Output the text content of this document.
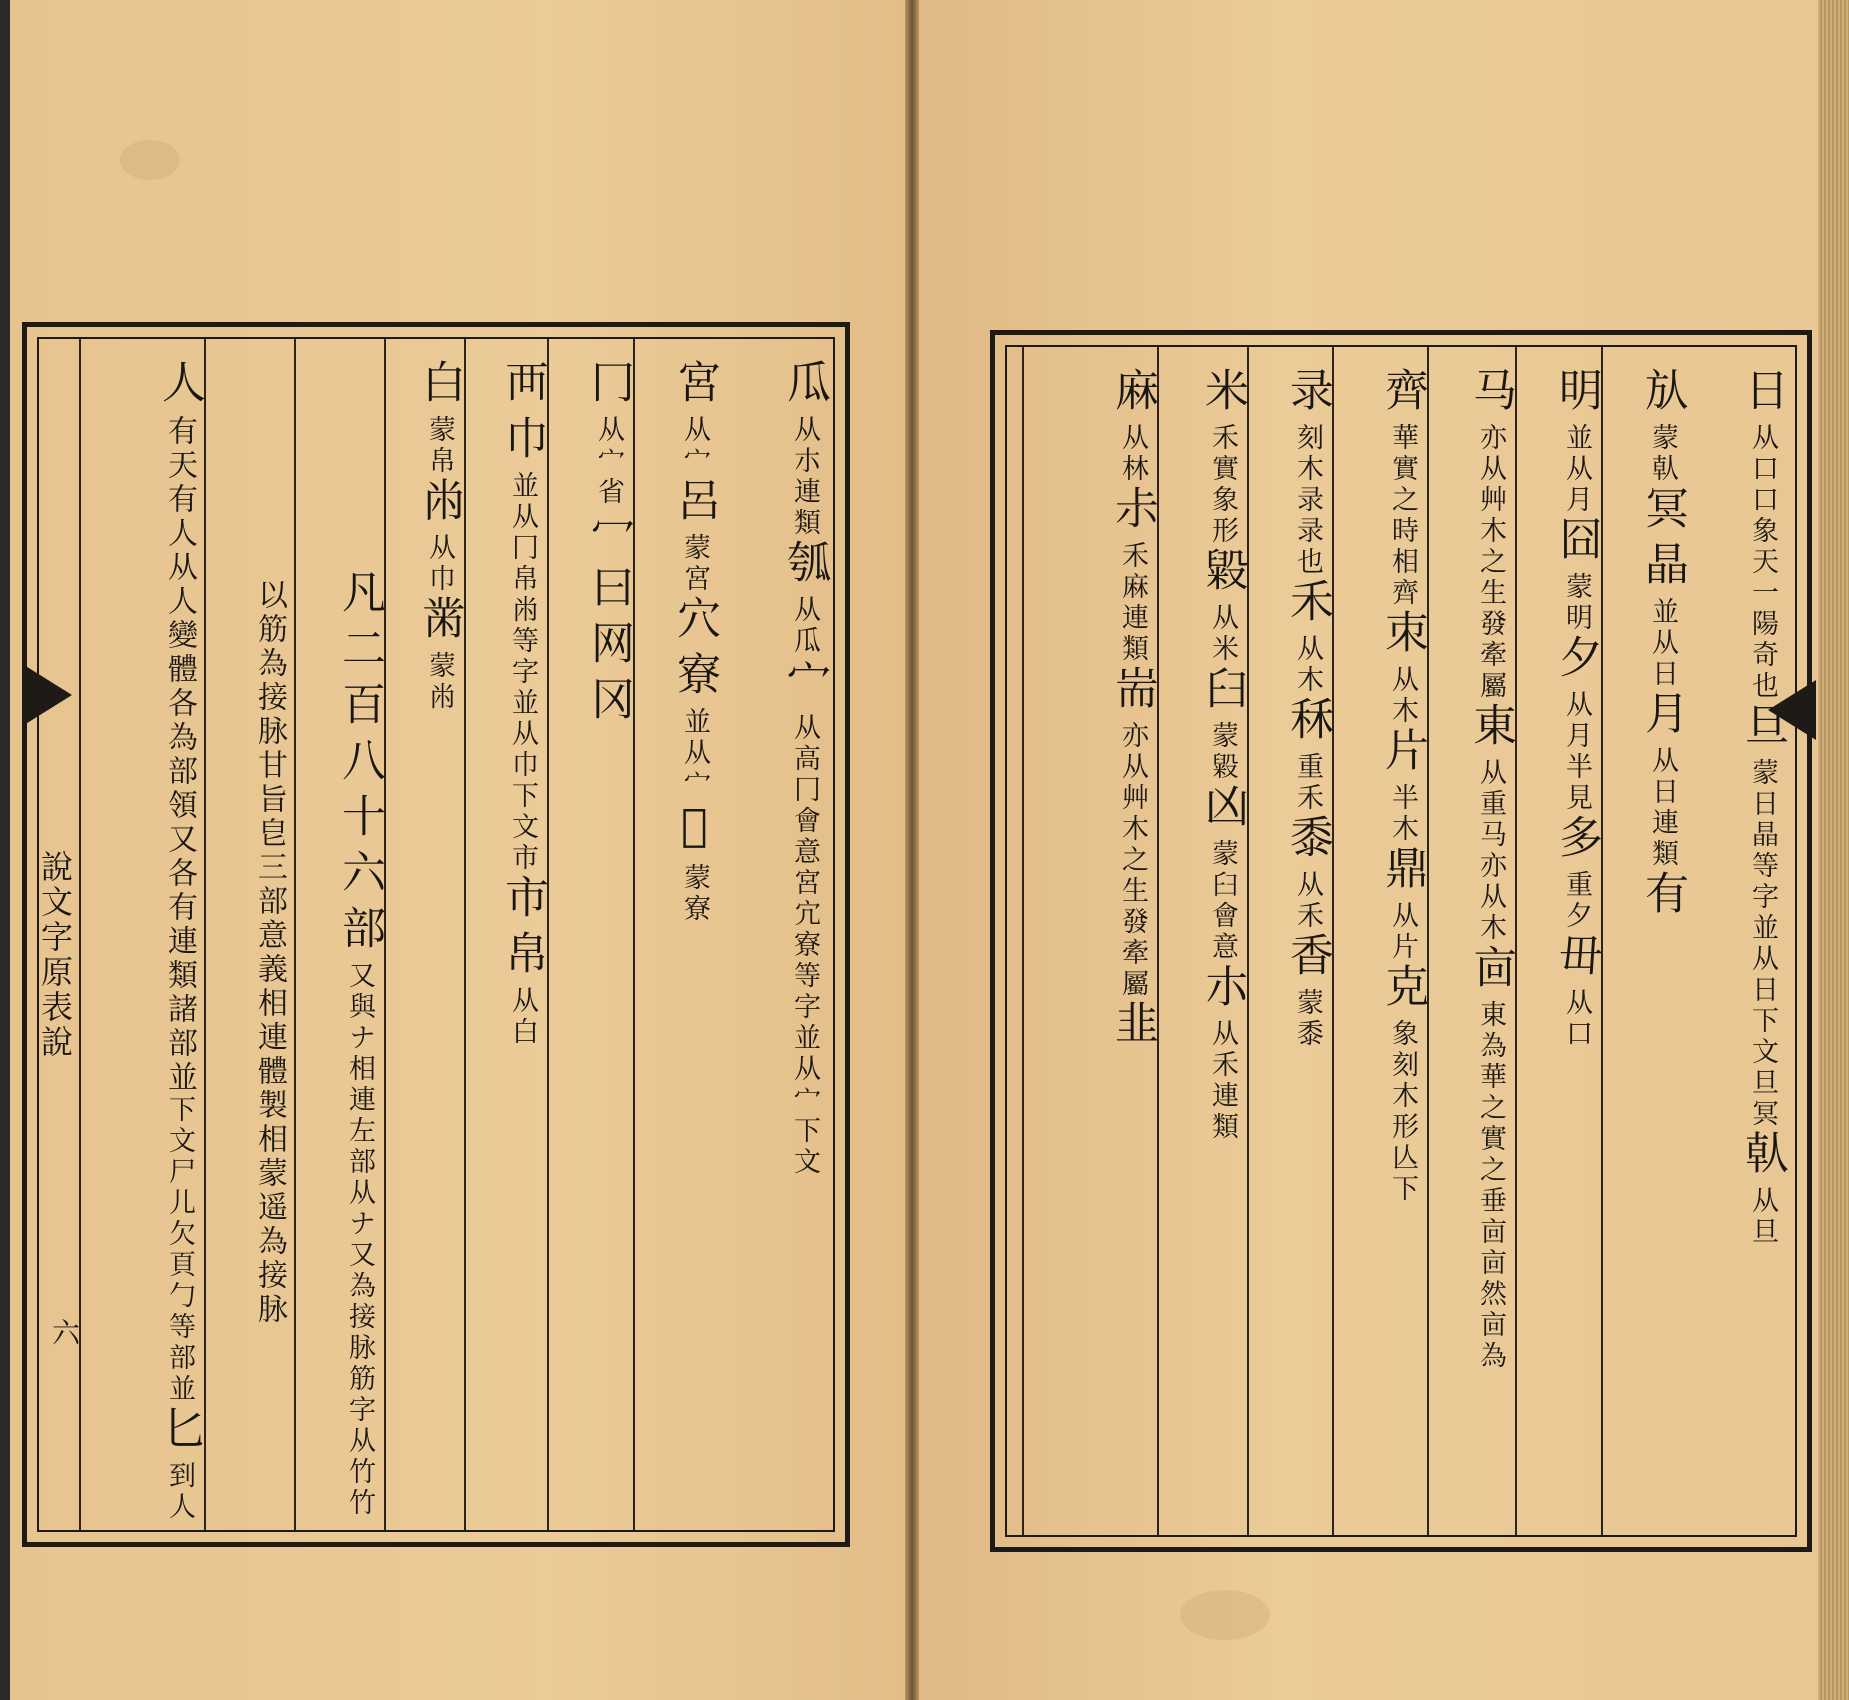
瓜从朩連類瓠从瓜宀从高冂會意宮宂寮等字並从宀下文
宮从宀呂蒙宮穴寮並从宀𥧂蒙寮
冂从宀省冖曰网冈
襾巾並从冂帛㡀等字並从巾下文市市帛从白
白蒙帛㡀从巾黹蒙㡀
凡二百八十六部又與ナ相連左部从ナ又為接脉筋字从竹竹
以筋為接脉甘旨皀三部意義相連體製相蒙遥為接脉
人有天有人从人變體各為部領又各有連類諸部並下文尸儿欠頁勹等部並匕到人
說文字原表說
六
日从口口象天一陽奇也旦蒙日晶等字並从日下文旦冥倝从旦
㫃蒙倝冥晶並从日月从日連類有
明並从月囧蒙明夕从月半見多重夕毌从口
马亦从艸木之生發牽屬東从重马亦从木㐭東為華之實之垂㐭㐭然㐭為
齊華實之時相齊朿从木片半木鼎从片克象刻木形亾下
录刻木录录也禾从木秝重禾黍从禾香蒙黍
米禾實象形毇从米臼蒙毇凶蒙臼會意朩从禾連類
麻从林尗禾麻連類耑亦从艸木之生發牽屬韭
